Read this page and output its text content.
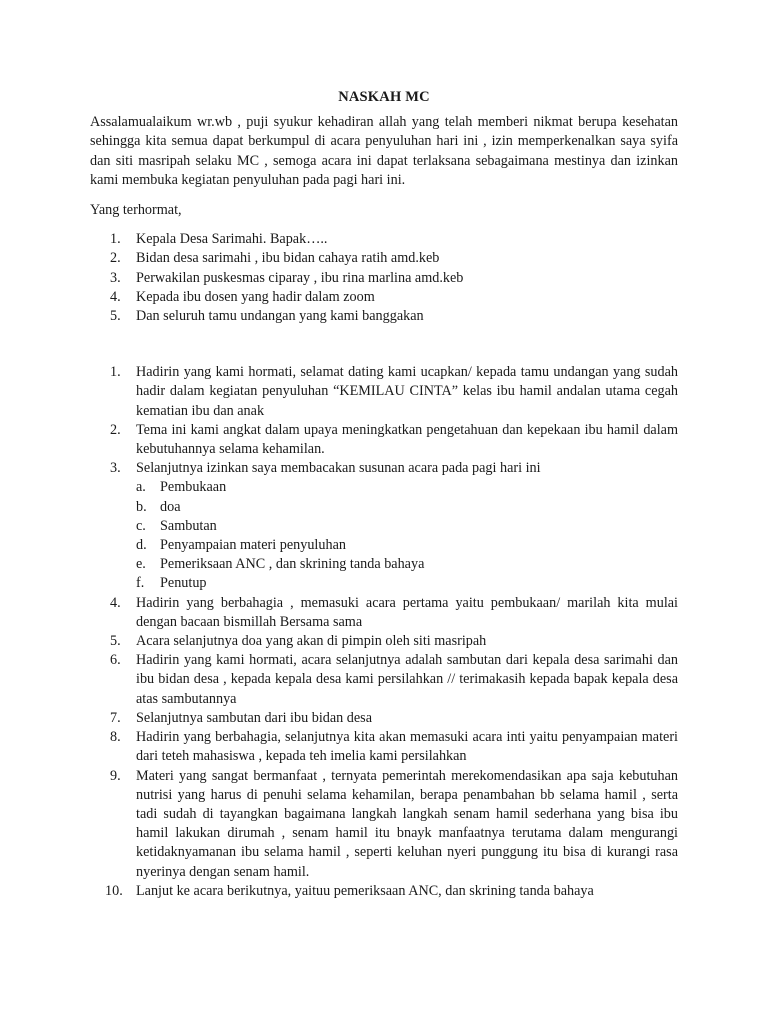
NASKAH MC

Assalamualaikum wr.wb , puji syukur kehadiran allah yang telah memberi nikmat berupa kesehatan sehingga kita semua dapat berkumpul di acara penyuluhan hari ini , izin memperkenalkan saya syifa dan siti masripah selaku MC , semoga acara ini dapat terlaksana sebagaimana mestinya dan izinkan kami membuka kegiatan penyuluhan pada pagi hari ini.

Yang terhormat,

1.	Kepala Desa Sarimahi. Bapak…..
2.	Bidan desa sarimahi , ibu bidan cahaya ratih amd.keb
3.	Perwakilan puskesmas ciparay , ibu rina marlina amd.keb
4.	Kepada ibu dosen yang hadir dalam zoom
5.	Dan seluruh tamu undangan yang kami banggakan
1.	Hadirin yang kami hormati, selamat dating kami ucapkan/ kepada tamu undangan yang sudah hadir dalam kegiatan penyuluhan “KEMILAU CINTA” kelas ibu hamil andalan utama cegah kematian ibu dan anak
2.	Tema ini kami angkat dalam upaya meningkatkan pengetahuan dan kepekaan ibu hamil dalam kebutuhannya selama kehamilan.
3.	Selanjutnya izinkan saya membacakan susunan acara pada pagi hari ini
a. Pembukaan
b. doa
c. Sambutan
d. Penyampaian materi penyuluhan
e. Pemeriksaan ANC , dan skrining tanda bahaya
f. Penutup
4.	Hadirin yang berbahagia , memasuki acara pertama yaitu pembukaan/ marilah kita mulai dengan bacaan bismillah Bersama sama
5.	Acara selanjutnya doa yang akan di pimpin oleh siti masripah
6.	Hadirin yang kami hormati, acara selanjutnya adalah sambutan dari kepala desa sarimahi dan ibu bidan desa , kepada kepala desa kami persilahkan // terimakasih kepada bapak kepala desa atas sambutannya
7.	Selanjutnya sambutan dari ibu bidan desa
8.	Hadirin yang berbahagia, selanjutnya kita akan memasuki acara inti yaitu penyampaian materi dari teteh mahasiswa , kepada teh imelia kami persilahkan
9.	Materi yang sangat bermanfaat , ternyata pemerintah merekomendasikan apa saja kebutuhan nutrisi yang harus di penuhi selama kehamilan, berapa penambahan bb selama hamil , serta tadi sudah di tayangkan bagaimana langkah langkah senam hamil sederhana yang bisa ibu hamil lakukan dirumah , senam hamil itu bnayk manfaatnya terutama dalam mengurangi ketidaknyamanan ibu selama hamil , seperti keluhan nyeri punggung itu bisa di kurangi rasa nyerinya dengan senam hamil.
10. Lanjut ke acara berikutnya, yaituu pemeriksaan ANC, dan skrining tanda bahaya
